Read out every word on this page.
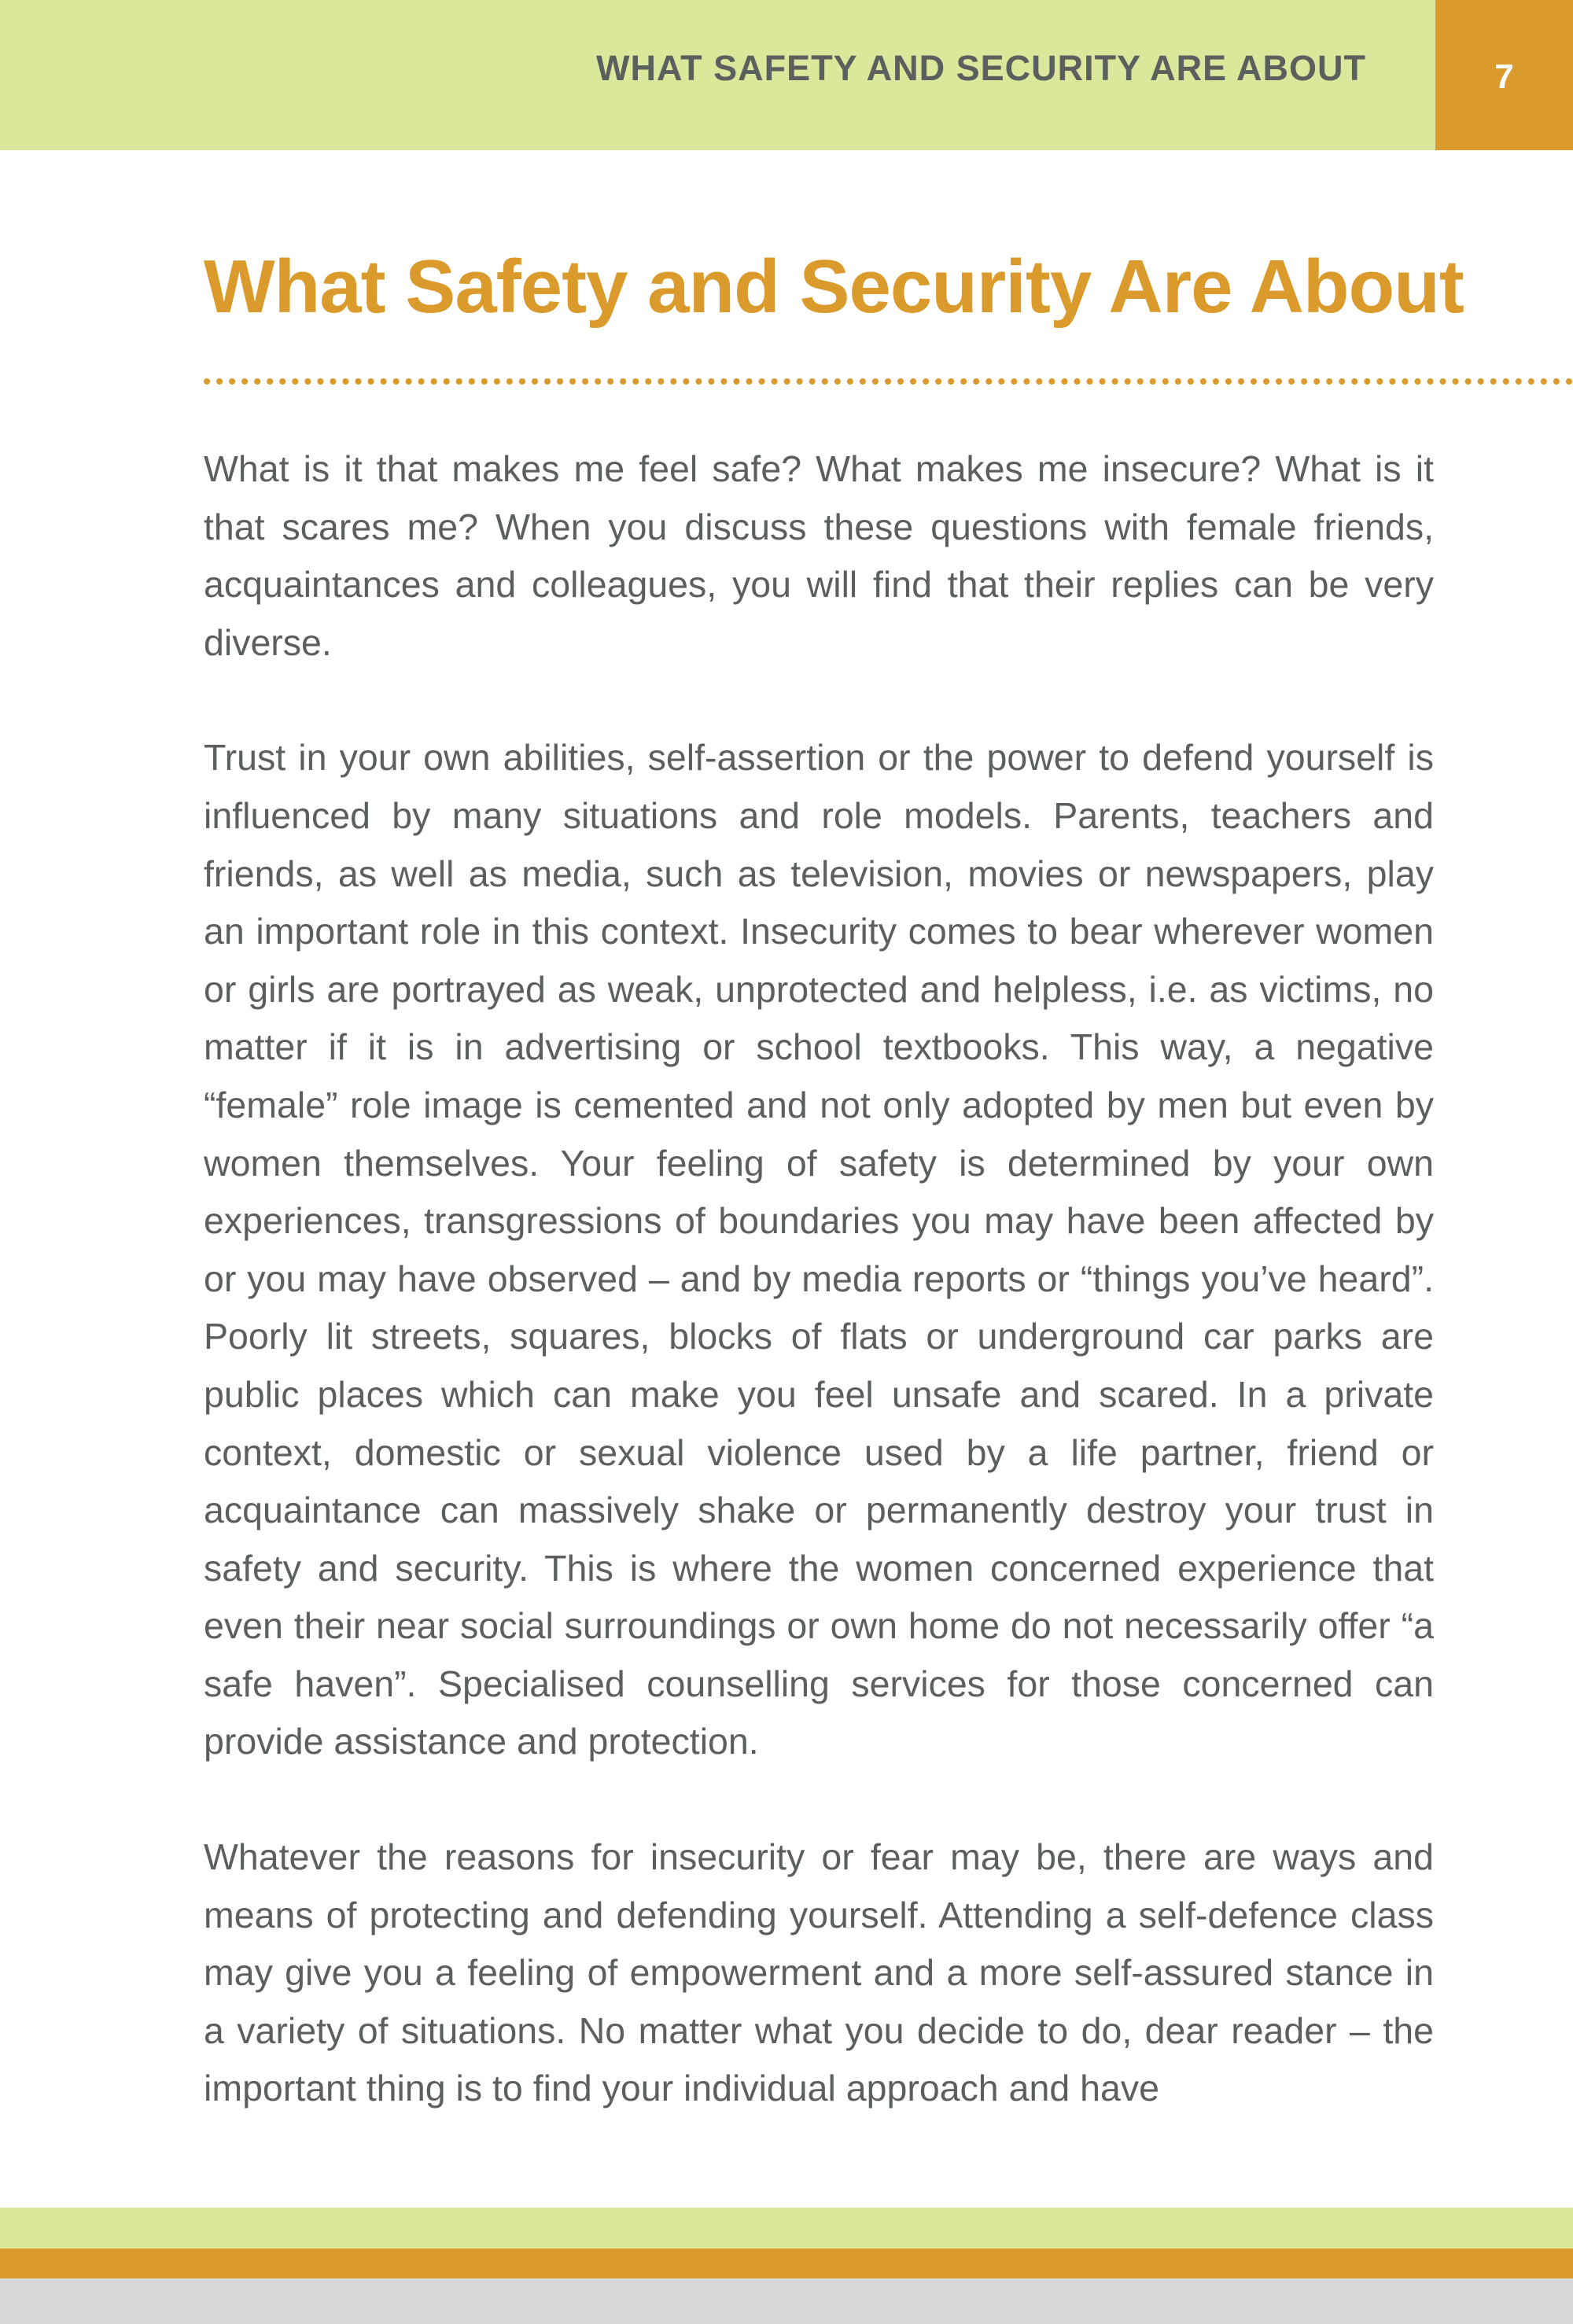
WHAT SAFETY AND SECURITY ARE ABOUT	7
What Safety and Security Are About

What is it that makes me feel safe? What makes me insecure? What is it that scares me? When you discuss these questions with female friends, acquaintances and colleagues, you will find that their replies can be very diverse.

Trust in your own abilities, self-assertion or the power to defend yourself is influenced by many situations and role models. Parents, teachers and friends, as well as media, such as television, movies or newspapers, play an important role in this context. Insecurity comes to bear wherever women or girls are portrayed as weak, unprotected and helpless, i.e. as victims, no matter if it is in advertising or school textbooks. This way, a negative “female” role image is cemented and not only adopted by men but even by women themselves. Your feeling of safety is determined by your own experiences, transgressions of boundaries you may have been affected by or you may have observed – and by media reports or “things you’ve heard”. Poorly lit streets, squares, blocks of flats or underground car parks are public places which can make you feel unsafe and scared. In a private context, domestic or sexual violence used by a life partner, friend or acquaintance can massively shake or permanently destroy your trust in safety and security. This is where the women concerned experience that even their near social surroundings or own home do not necessarily offer “a safe haven”. Specialised counselling services for those concerned can provide assistance and protection.

Whatever the reasons for insecurity or fear may be, there are ways and means of protecting and defending yourself. Attending a self-defence class may give you a feeling of empowerment and a more self-assured stance in a variety of situations. No matter what you decide to do, dear reader – the important thing is to find your individual approach and have
